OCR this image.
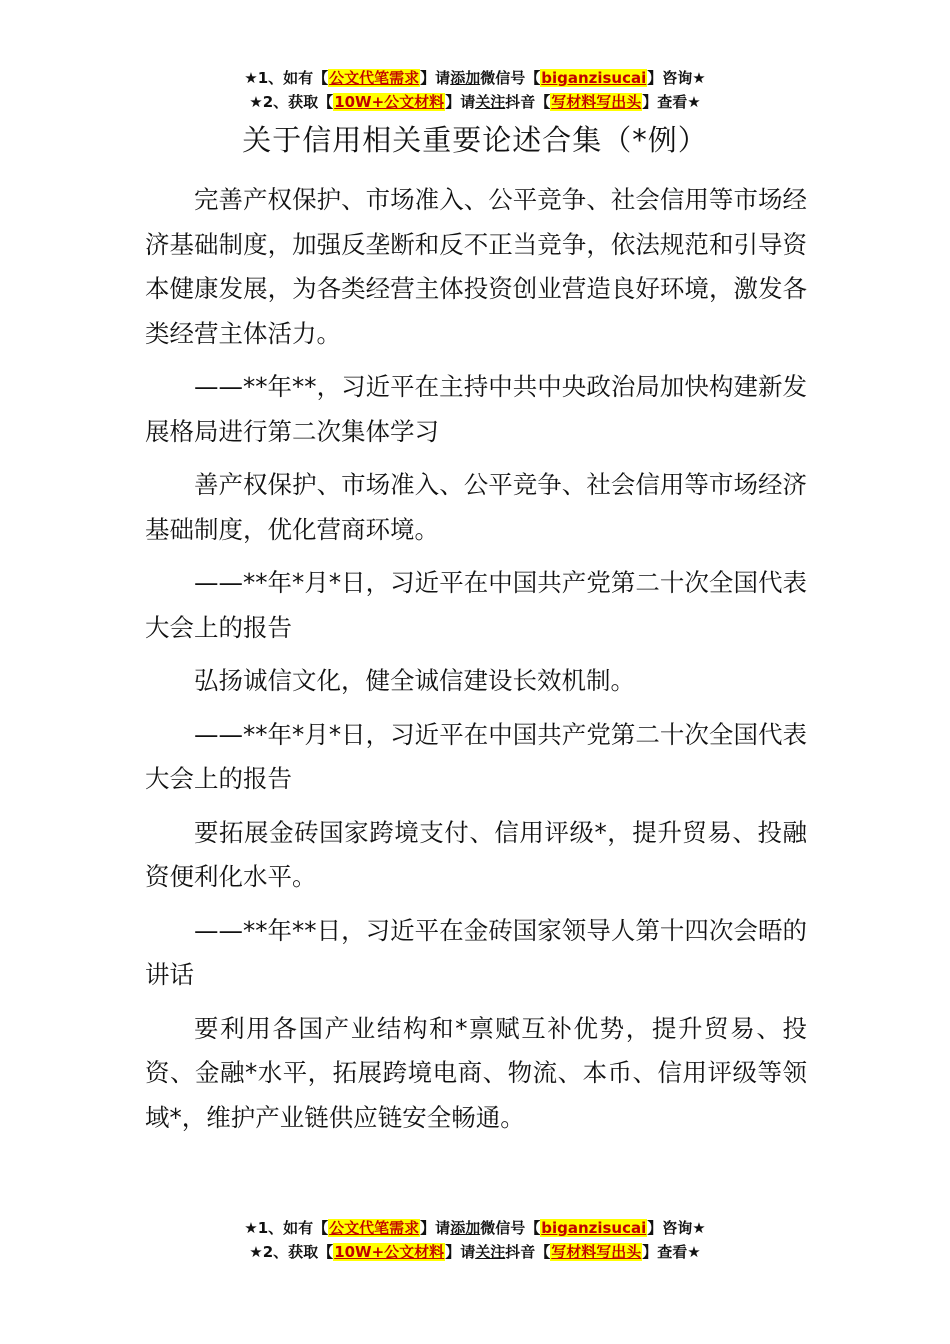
★1、如有【公文代笔需求】请添加微信号【biganzisucai】咨询★
★2、获取【10W+公文材料】请关注抖音【写材料写出头】查看★
关于信用相关重要论述合集（*例）

完善产权保护、市场准入、公平竞争、社会信用等市场经济基础制度，加强反垄断和反不正当竞争，依法规范和引导资本健康发展，为各类经营主体投资创业营造良好环境，激发各类经营主体活力。

——**年**，习近平在主持中共中央政治局加快构建新发展格局进行第二次集体学习

善产权保护、市场准入、公平竞争、社会信用等市场经济基础制度，优化营商环境。

——**年*月*日，习近平在中国共产党第二十次全国代表大会上的报告

弘扬诚信文化，健全诚信建设长效机制。

——**年*月*日，习近平在中国共产党第二十次全国代表大会上的报告

要拓展金砖国家跨境支付、信用评级*，提升贸易、投融资便利化水平。

——**年**日，习近平在金砖国家领导人第十四次会晤的讲话

要利用各国产业结构和*禀赋互补优势，提升贸易、投资、金融*水平，拓展跨境电商、物流、本币、信用评级等领域*，维护产业链供应链安全畅通。

★1、如有【公文代笔需求】请添加微信号【biganzisucai】咨询★
★2、获取【10W+公文材料】请关注抖音【写材料写出头】查看★
